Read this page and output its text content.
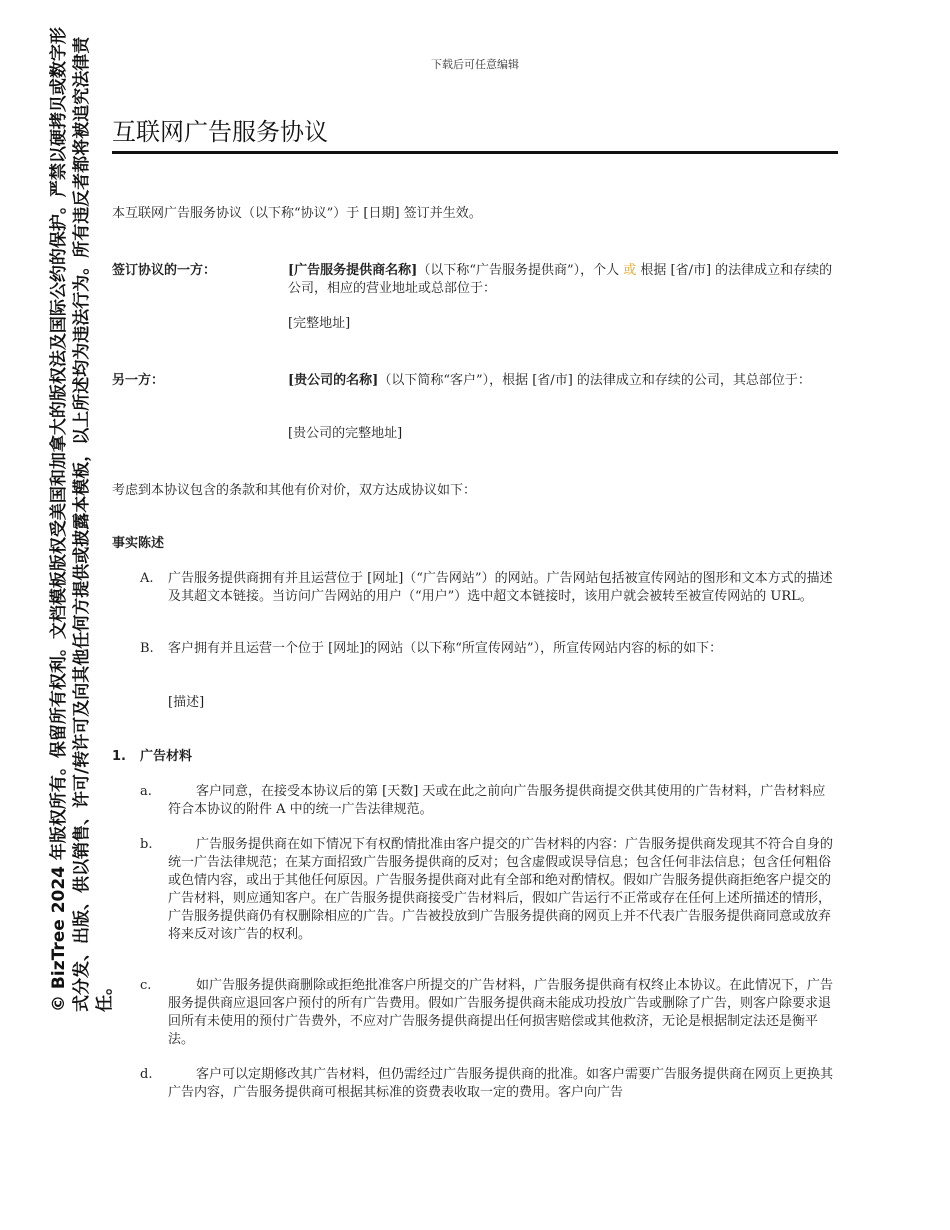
© BizTree 2024 年版权所有。保留所有权利。文档模板版权受美国和加拿大的版权法及国际公约的保护。严禁以硬拷贝或数字形式分发、出版、供以销售、许可/转许可及向其他任何方提供或披露本模板，以上所述均为违法行为。所有违反者都将被追究法律责任。
下载后可任意编辑
互联网广告服务协议
本互联网广告服务协议（以下称“协议”）于 [日期] 签订并生效。
签订协议的一方：	[广告服务提供商名称]（以下称“广告服务提供商”），个人 或 根据 [省/市] 的法律成立和存续的公司，相应的营业地址或总部位于：
[完整地址]
另一方：	[贵公司的名称]（以下简称“客户”），根据 [省/市] 的法律成立和存续的公司，其总部位于：
[贵公司的完整地址]
考虑到本协议包含的条款和其他有价对价，双方达成协议如下：
事实陈述
A. 广告服务提供商拥有并且运营位于 [网址]（“广告网站”）的网站。广告网站包括被宣传网站的图形和文本方式的描述及其超文本链接。当访问广告网站的用户（“用户”）选中超文本链接时，该用户就会被转至被宣传网站的 URL。
B. 客户拥有并且运营一个位于 [网址]的网站（以下称“所宣传网站”），所宣传网站内容的标的如下：
[描述]
1. 广告材料
a.	客户同意，在接受本协议后的第 [天数] 天或在此之前向广告服务提供商提交供其使用的广告材料，广告材料应符合本协议的附件 A 中的统一广告法律规范。
b.	广告服务提供商在如下情况下有权酌情批准由客户提交的广告材料的内容：广告服务提供商发现其不符合自身的统一广告法律规范；在某方面招致广告服务提供商的反对；包含虚假或误导信息；包含任何非法信息；包含任何粗俗或色情内容，或出于其他任何原因。广告服务提供商对此有全部和绝对酌情权。假如广告服务提供商拒绝客户提交的广告材料，则应通知客户。在广告服务提供商接受广告材料后，假如广告运行不正常或存在任何上述所描述的情形，广告服务提供商仍有权删除相应的广告。广告被投放到广告服务提供商的网页上并不代表广告服务提供商同意或放弃将来反对该广告的权利。
c.	如广告服务提供商删除或拒绝批准客户所提交的广告材料，广告服务提供商有权终止本协议。在此情况下，广告服务提供商应退回客户预付的所有广告费用。假如广告服务提供商未能成功投放广告或删除了广告，则客户除要求退回所有未使用的预付广告费外，不应对广告服务提供商提出任何损害赔偿或其他救济，无论是根据制定法还是衡平法。
d.	客户可以定期修改其广告材料，但仍需经过广告服务提供商的批准。如客户需要广告服务提供商在网页上更换其广告内容，广告服务提供商可根据其标准的资费表收取一定的费用。客户向广告
